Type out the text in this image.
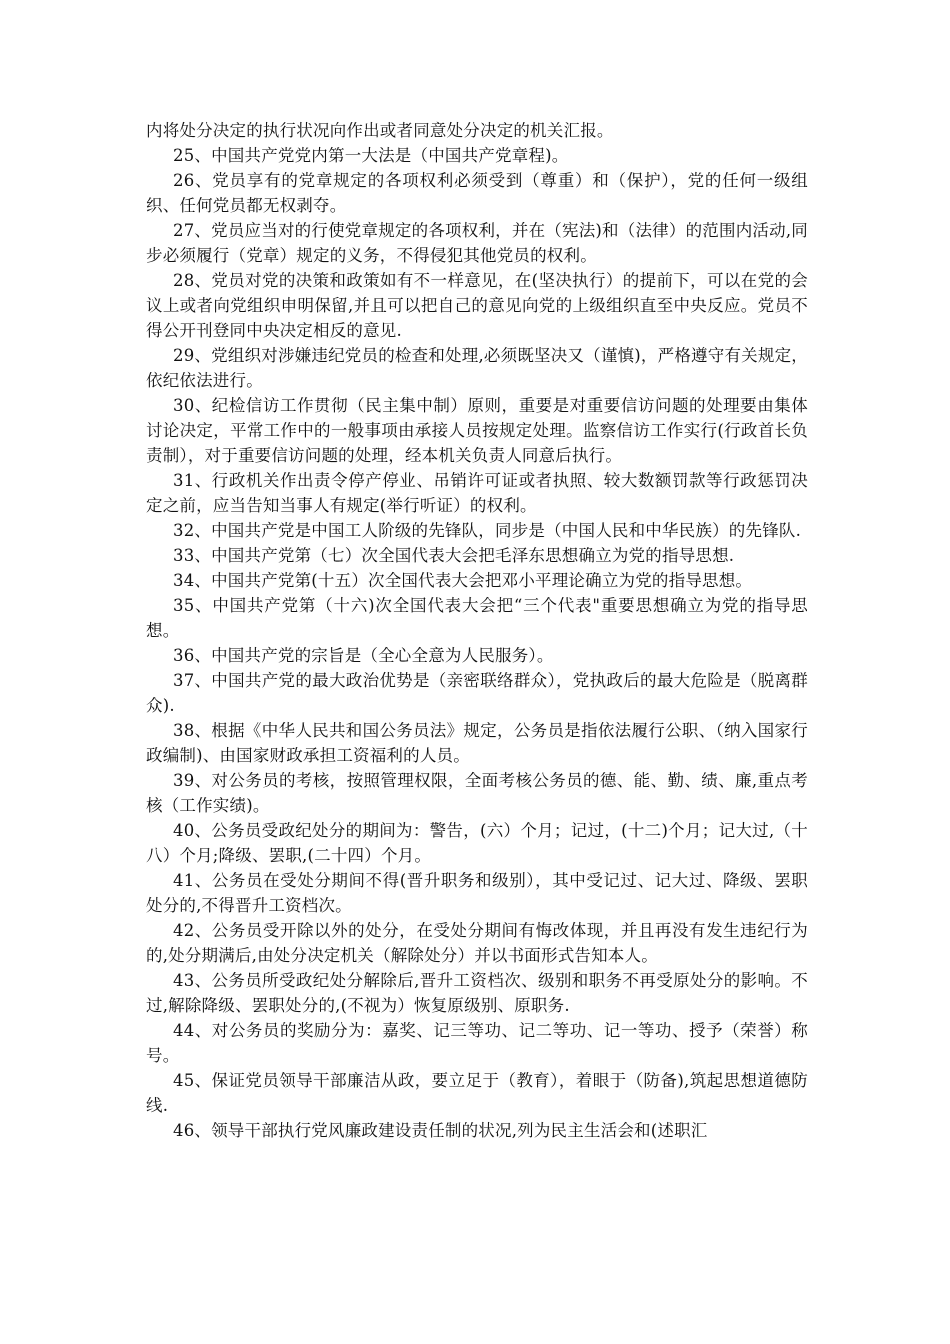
内将处分决定的执行状况向作出或者同意处分决定的机关汇报。

25、中国共产党党内第一大法是（中国共产党章程)。

26、党员享有的党章规定的各项权利必须受到（尊重）和（保护），党的任何一级组织、任何党员都无权剥夺。

27、党员应当对的行使党章规定的各项权利，并在（宪法)和（法律）的范围内活动,同步必须履行（党章）规定的义务，不得侵犯其他党员的权利。

28、党员对党的决策和政策如有不一样意见，在(坚决执行）的提前下，可以在党的会议上或者向党组织申明保留,并且可以把自己的意见向党的上级组织直至中央反应。党员不得公开刊登同中央决定相反的意见.

29、党组织对涉嫌违纪党员的检查和处理,必须既坚决又（谨慎)，严格遵守有关规定，依纪依法进行。

30、纪检信访工作贯彻（民主集中制）原则，重要是对重要信访问题的处理要由集体讨论决定，平常工作中的一般事项由承接人员按规定处理。监察信访工作实行(行政首长负责制），对于重要信访问题的处理，经本机关负责人同意后执行。

31、行政机关作出责令停产停业、吊销许可证或者执照、较大数额罚款等行政惩罚决定之前，应当告知当事人有规定(举行听证）的权利。

32、中国共产党是中国工人阶级的先锋队，同步是（中国人民和中华民族）的先锋队.

33、中国共产党第（七）次全国代表大会把毛泽东思想确立为党的指导思想.

34、中国共产党第(十五）次全国代表大会把邓小平理论确立为党的指导思想。

35、中国共产党第（十六)次全国代表大会把“三个代表"重要思想确立为党的指导思想。

36、中国共产党的宗旨是（全心全意为人民服务）。

37、中国共产党的最大政治优势是（亲密联络群众），党执政后的最大危险是（脱离群众).

38、根据《中华人民共和国公务员法》规定，公务员是指依法履行公职、（纳入国家行政编制)、由国家财政承担工资福利的人员。

39、对公务员的考核，按照管理权限，全面考核公务员的德、能、勤、绩、廉,重点考核（工作实绩)。

40、公务员受政纪处分的期间为：警告，(六）个月；记过，(十二)个月；记大过,（十八）个月;降级、罢职,(二十四）个月。

41、公务员在受处分期间不得(晋升职务和级别），其中受记过、记大过、降级、罢职处分的,不得晋升工资档次。

42、公务员受开除以外的处分，在受处分期间有悔改体现，并且再没有发生违纪行为的,处分期满后,由处分决定机关（解除处分）并以书面形式告知本人。

43、公务员所受政纪处分解除后,晋升工资档次、级别和职务不再受原处分的影响。不过,解除降级、罢职处分的,(不视为）恢复原级别、原职务.

44、对公务员的奖励分为：嘉奖、记三等功、记二等功、记一等功、授予（荣誉）称号。

45、保证党员领导干部廉洁从政，要立足于（教育），着眼于（防备),筑起思想道德防线.

46、领导干部执行党风廉政建设责任制的状况,列为民主生活会和(述职汇
